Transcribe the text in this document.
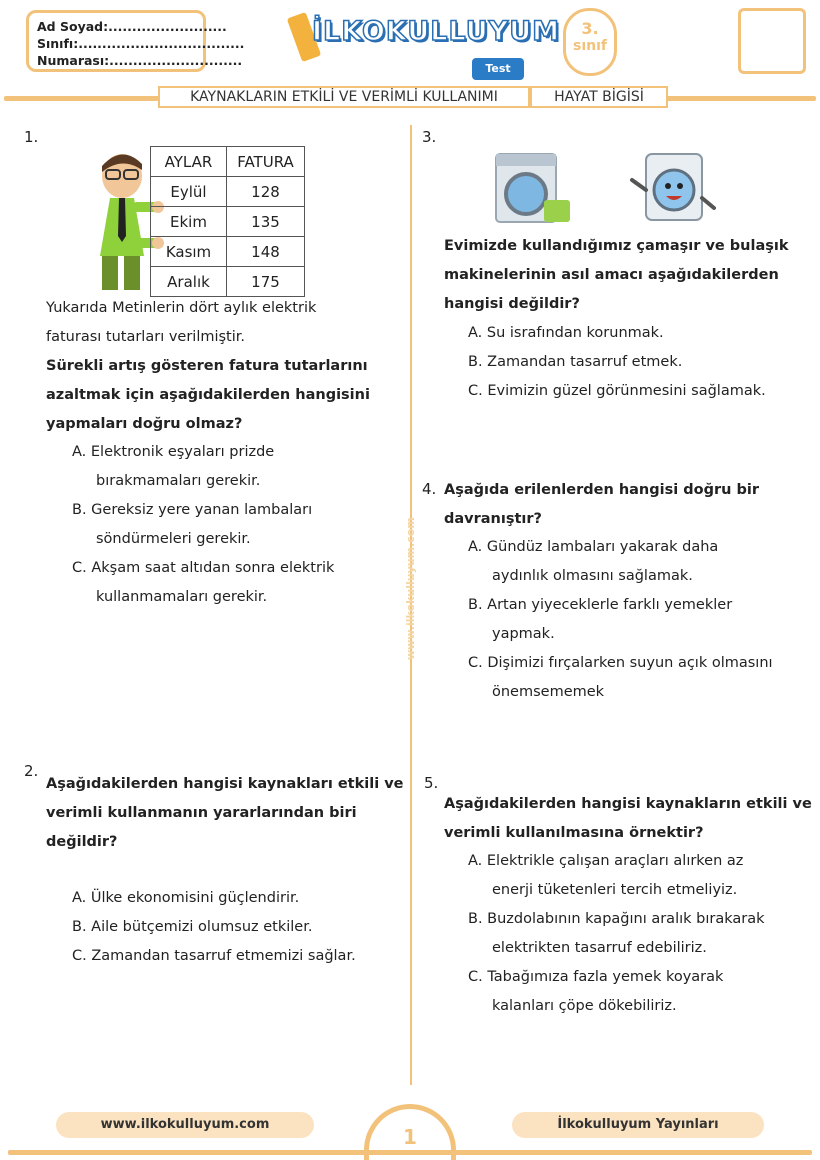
Ad Soyad:.........................
Sınıfı:...................................
Numarası:............................
İLKOKULLUYUM
Test
3.
sınıf
KAYNAKLARIN ETKİLİ VE VERİMLİ KULLANIMI	HAYAT BİGİSİ
www.ilkokulluyum.com
1.
AYLAR	FATURA
Eylül	128
Ekim	135
Kasım	148
Aralık	175
Yukarıda Metinlerin dört aylık elektrik
faturası tutarları verilmiştir.
Sürekli artış gösteren fatura tutarlarını
azaltmak için aşağıdakilerden hangisini
yapmaları doğru olmaz?
A. Elektronik eşyaları prizde
bırakmamaları gerekir.
B. Gereksiz yere yanan lambaları
söndürmeleri gerekir.
C. Akşam saat altıdan sonra elektrik
kullanmamaları gerekir.
2.
Aşağıdakilerden hangisi kaynakları etkili ve
verimli kullanmanın yararlarından biri
değildir?
A. Ülke ekonomisini güçlendirir.
B. Aile bütçemizi olumsuz etkiler.
C. Zamandan tasarruf etmemizi sağlar.
3.
Evimizde kullandığımız çamaşır ve bulaşık
makinelerinin asıl amacı aşağıdakilerden
hangisi değildir?
A. Su israfından korunmak.
B. Zamandan tasarruf etmek.
C. Evimizin güzel görünmesini sağlamak.
4. Aşağıda erilenlerden hangisi doğru bir
davranıştır?
A. Gündüz lambaları yakarak daha
aydınlık olmasını sağlamak.
B. Artan yiyeceklerle farklı yemekler
yapmak.
C. Dişimizi fırçalarken suyun açık olmasını
önemsememek
5.
Aşağıdakilerden hangisi kaynakların etkili ve
verimli kullanılmasına örnektir?
A. Elektrikle çalışan araçları alırken az
enerji tüketenleri tercih etmeliyiz.
B. Buzdolabının kapağını aralık bırakarak
elektrikten tasarruf edebiliriz.
C. Tabağımıza fazla yemek koyarak
kalanları çöpe dökebiliriz.
www.ilkokulluyum.com
1
İlkokulluyum Yayınları
